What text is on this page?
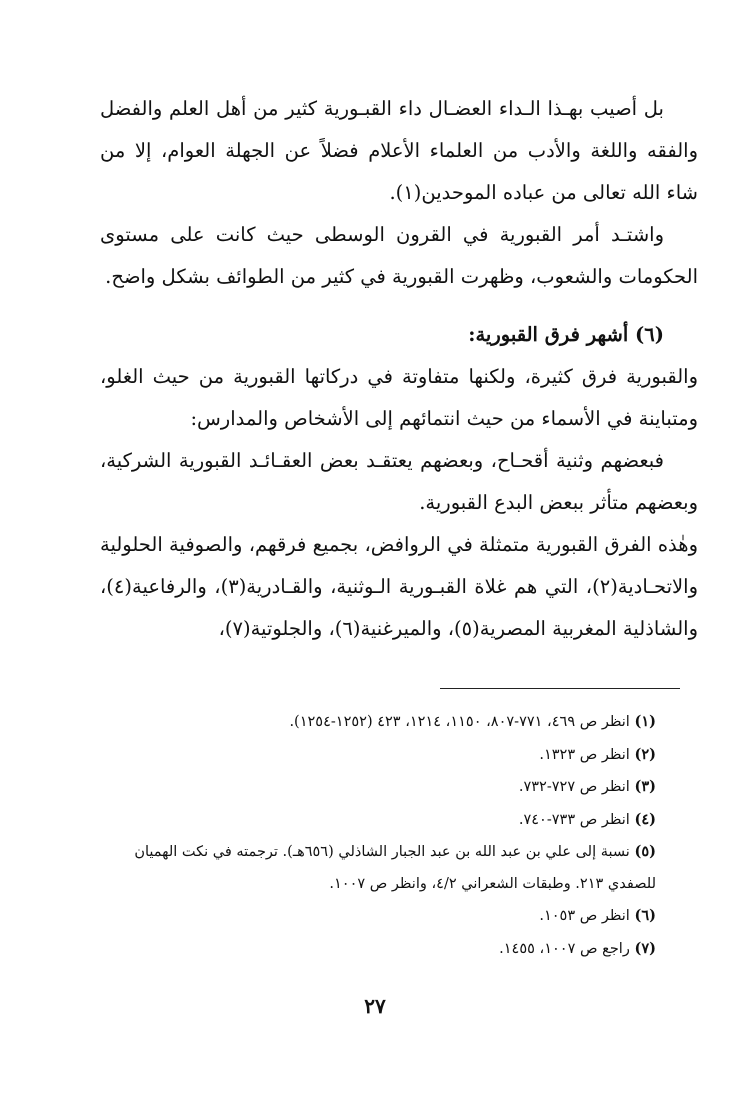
بل أصيب بهـذا الـداء العضـال داء القبـورية كثير من أهل العلم والفضل والفقه واللغة والأدب من العلماء الأعلام فضلاً عن الجهلة العوام، إلا من شاء الله تعالى من عباده الموحدين(١).

واشتـد أمر القبورية في القرون الوسطى حيث كانت على مستوى الحكومات والشعوب، وظهرت القبورية في كثير من الطوائف بشكل واضح.

(٦) أشهر فرق القبورية:

والقبورية فرق كثيرة، ولكنها متفاوتة في دركاتها القبورية من حيث الغلو، ومتباينة في الأسماء من حيث انتمائهم إلى الأشخاص والمدارس:

فبعضهم وثنية أقحـاح، وبعضهم يعتقـد بعض العقـائـد القبورية الشركية، وبعضهم متأثر ببعض البدع القبورية.

وهٰذه الفرق القبورية متمثلة في الروافض، بجميع فرقهم، والصوفية الحلولية والاتحـادية(٢)، التي هم غلاة القبـورية الـوثنية، والقـادرية(٣)، والرفاعية(٤)، والشاذلية المغربية المصرية(٥)، والميرغنية(٦)، والجلوتية(٧)،

(١) انظر ص ٤٦٩، ٧٧١-٨٠٧، ١١٥٠، ١٢١٤، ٤٢٣ (١٢٥٢-١٢٥٤).

(٢) انظر ص ١٣٢٣.

(٣) انظر ص ٧٢٧-٧٣٢.

(٤) انظر ص ٧٣٣-٧٤٠.

(٥) نسبة إلى علي بن عبد الله بن عبد الجبار الشاذلي (٦٥٦هـ). ترجمته في نكت الهميان للصفدي ٢١٣. وطبقات الشعراني ٤/٢، وانظر ص ١٠٠٧.

(٦) انظر ص ١٠٥٣.

(٧) راجع ص ١٠٠٧، ١٤٥٥.

٢٧
